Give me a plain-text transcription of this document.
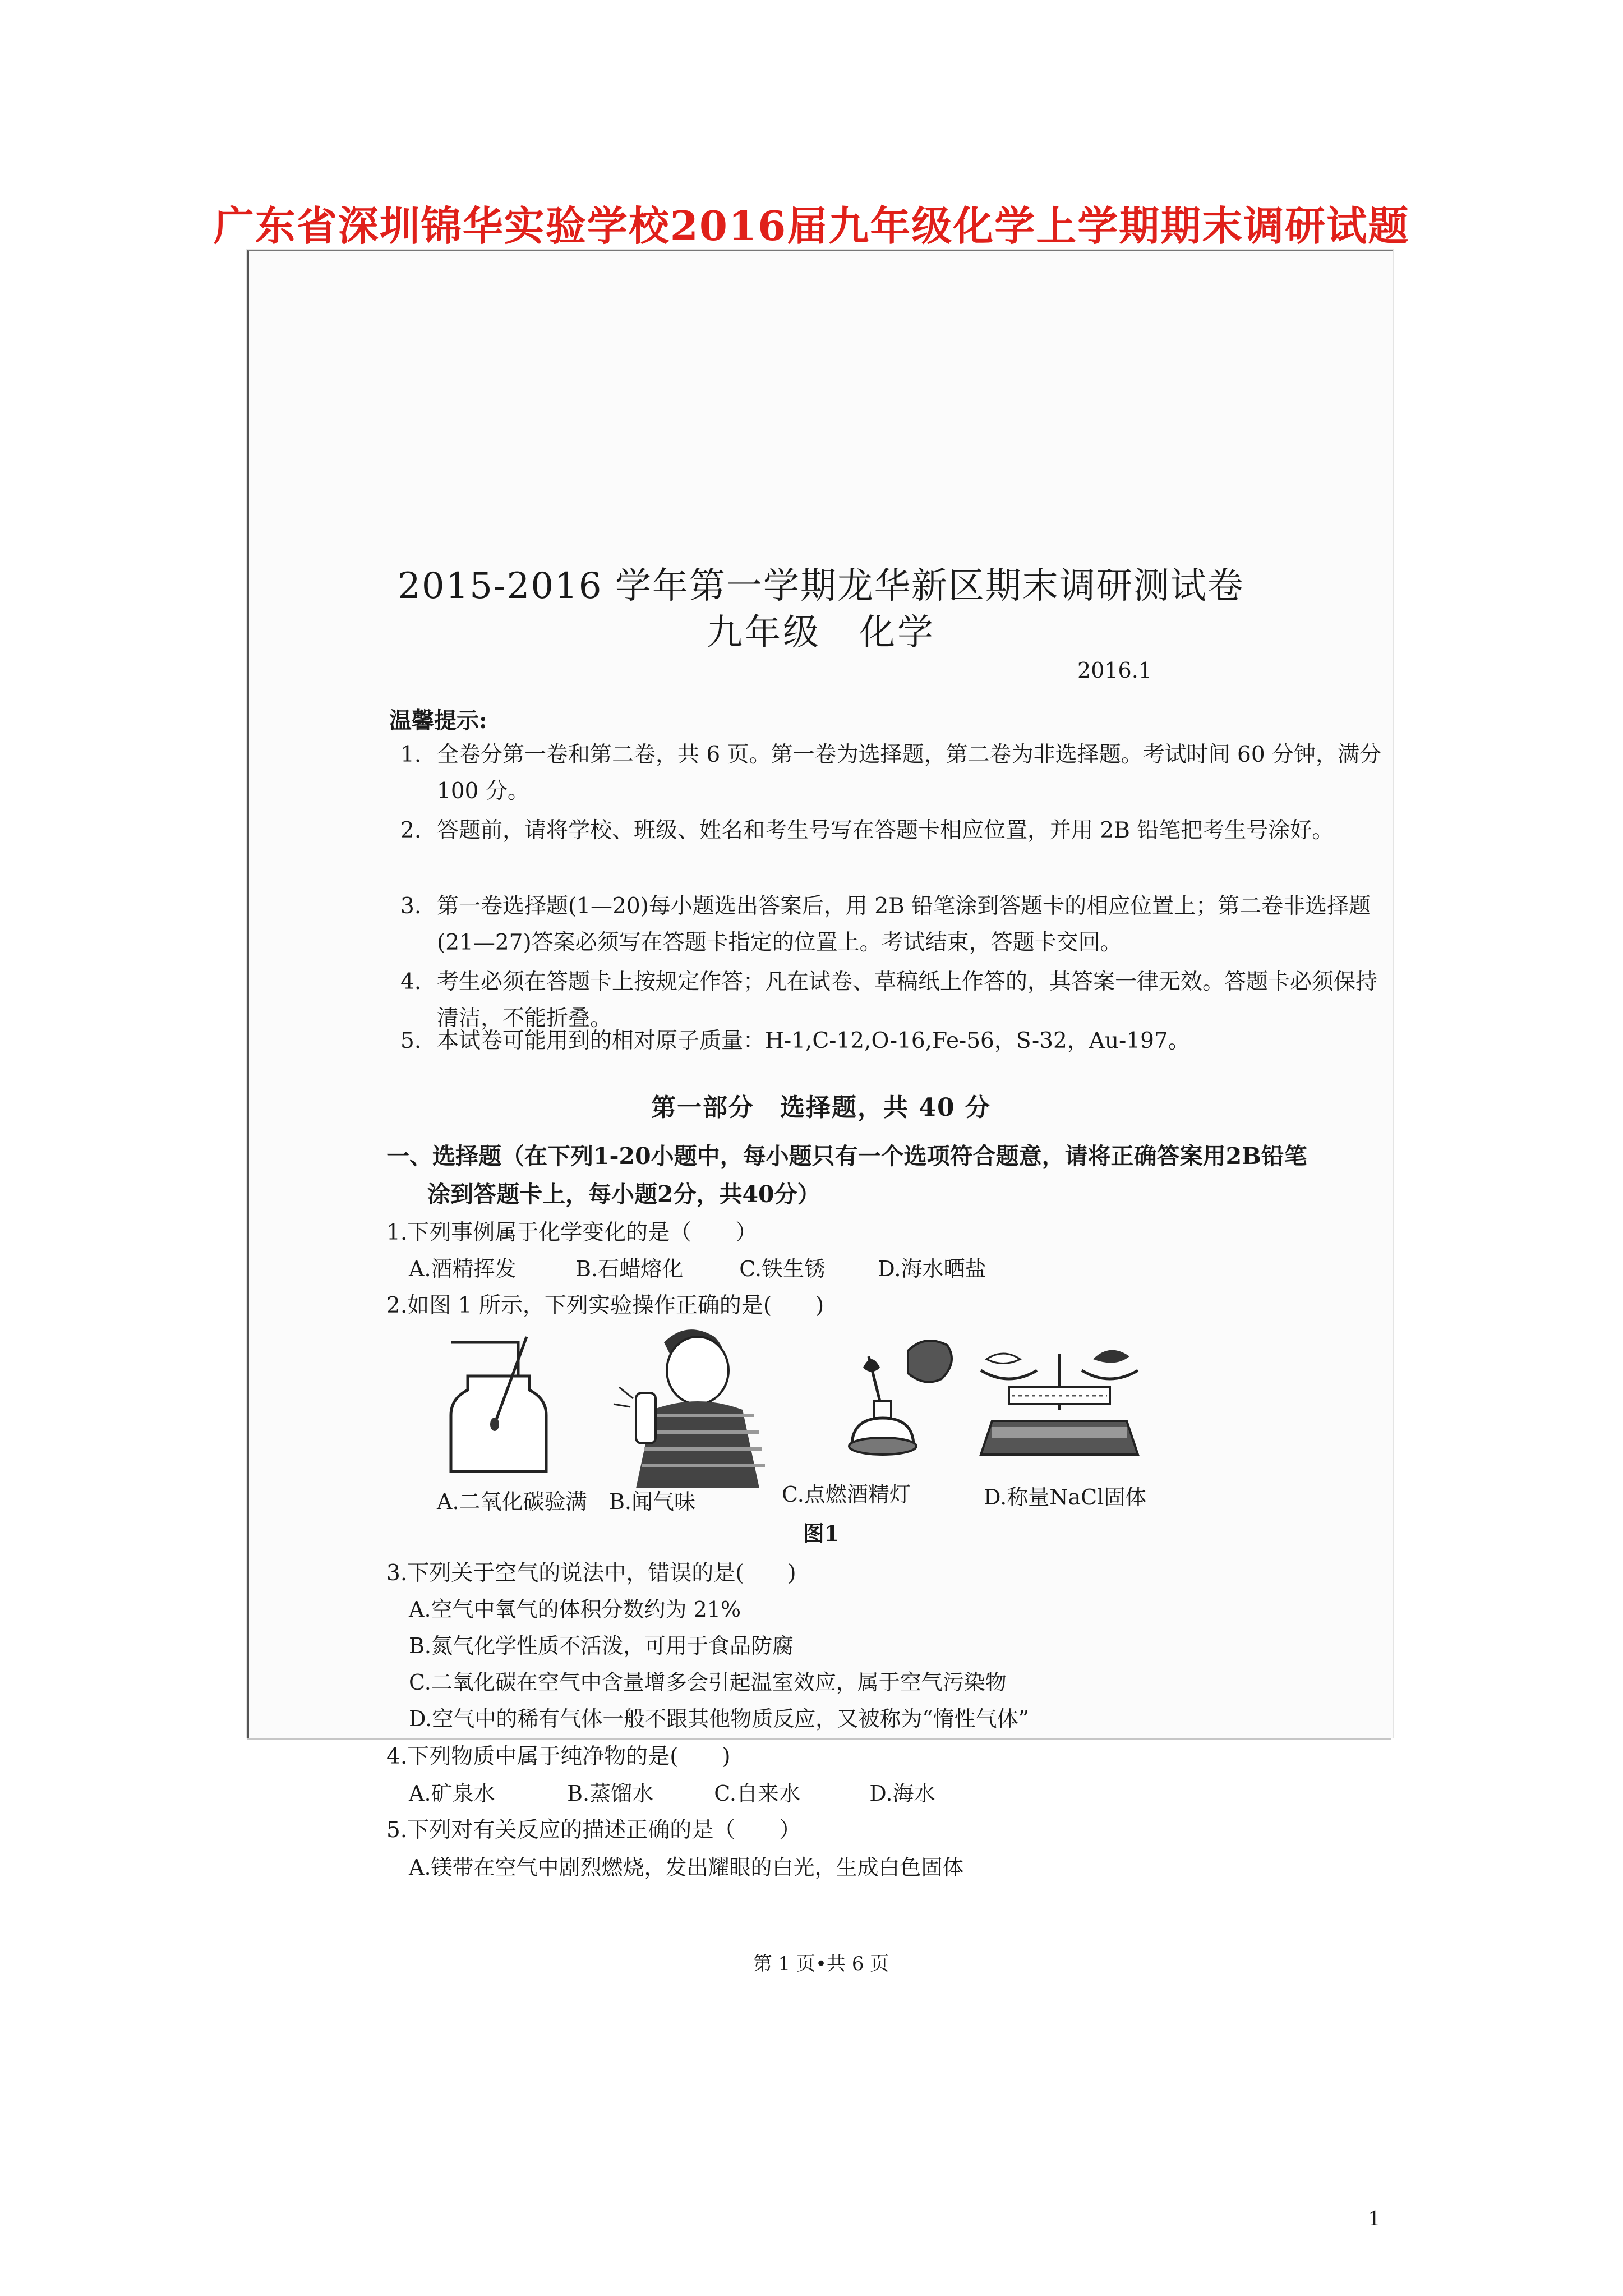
广东省深圳锦华实验学校2016届九年级化学上学期期末调研试题
2015-2016 学年第一学期龙华新区期末调研测试卷
九年级　化学
2016.1
温馨提示:
1. 全卷分第一卷和第二卷，共 6 页。第一卷为选择题，第二卷为非选择题。考试时间 60 分钟，满分 100 分。
2. 答题前，请将学校、班级、姓名和考生号写在答题卡相应位置，并用 2B 铅笔把考生号涂好。
3. 第一卷选择题(1—20)每小题选出答案后，用 2B 铅笔涂到答题卡的相应位置上；第二卷非选择题(21—27)答案必须写在答题卡指定的位置上。考试结束，答题卡交回。
4. 考生必须在答题卡上按规定作答；凡在试卷、草稿纸上作答的，其答案一律无效。答题卡必须保持清洁，不能折叠。
5. 本试卷可能用到的相对原子质量：H-1,C-12,O-16,Fe-56，S-32，Au-197。
第一部分　选择题，共 40 分
一、选择题（在下列1-20小题中，每小题只有一个选项符合题意，请将正确答案用2B铅笔
涂到答题卡上，每小题2分，共40分）
1.下列事例属于化学变化的是（　　）
A.酒精挥发	B.石蜡熔化	C.铁生锈 D.海水晒盐
2.如图 1 所示，下列实验操作正确的是(　　)
A.二氧化碳验满 B.闻气味	C.点燃酒精灯	D.称量NaCl固体
图1
3.下列关于空气的说法中，错误的是(　　)
A.空气中氧气的体积分数约为 21%
B.氮气化学性质不活泼，可用于食品防腐
C.二氧化碳在空气中含量增多会引起温室效应，属于空气污染物
D.空气中的稀有气体一般不跟其他物质反应，又被称为“惰性气体”
4.下列物质中属于纯净物的是(　　)
A.矿泉水	B.蒸馏水	C.自来水	D.海水
5.下列对有关反应的描述正确的是（　　）
A.镁带在空气中剧烈燃烧，发出耀眼的白光，生成白色固体
第 1 页•共 6 页
1
